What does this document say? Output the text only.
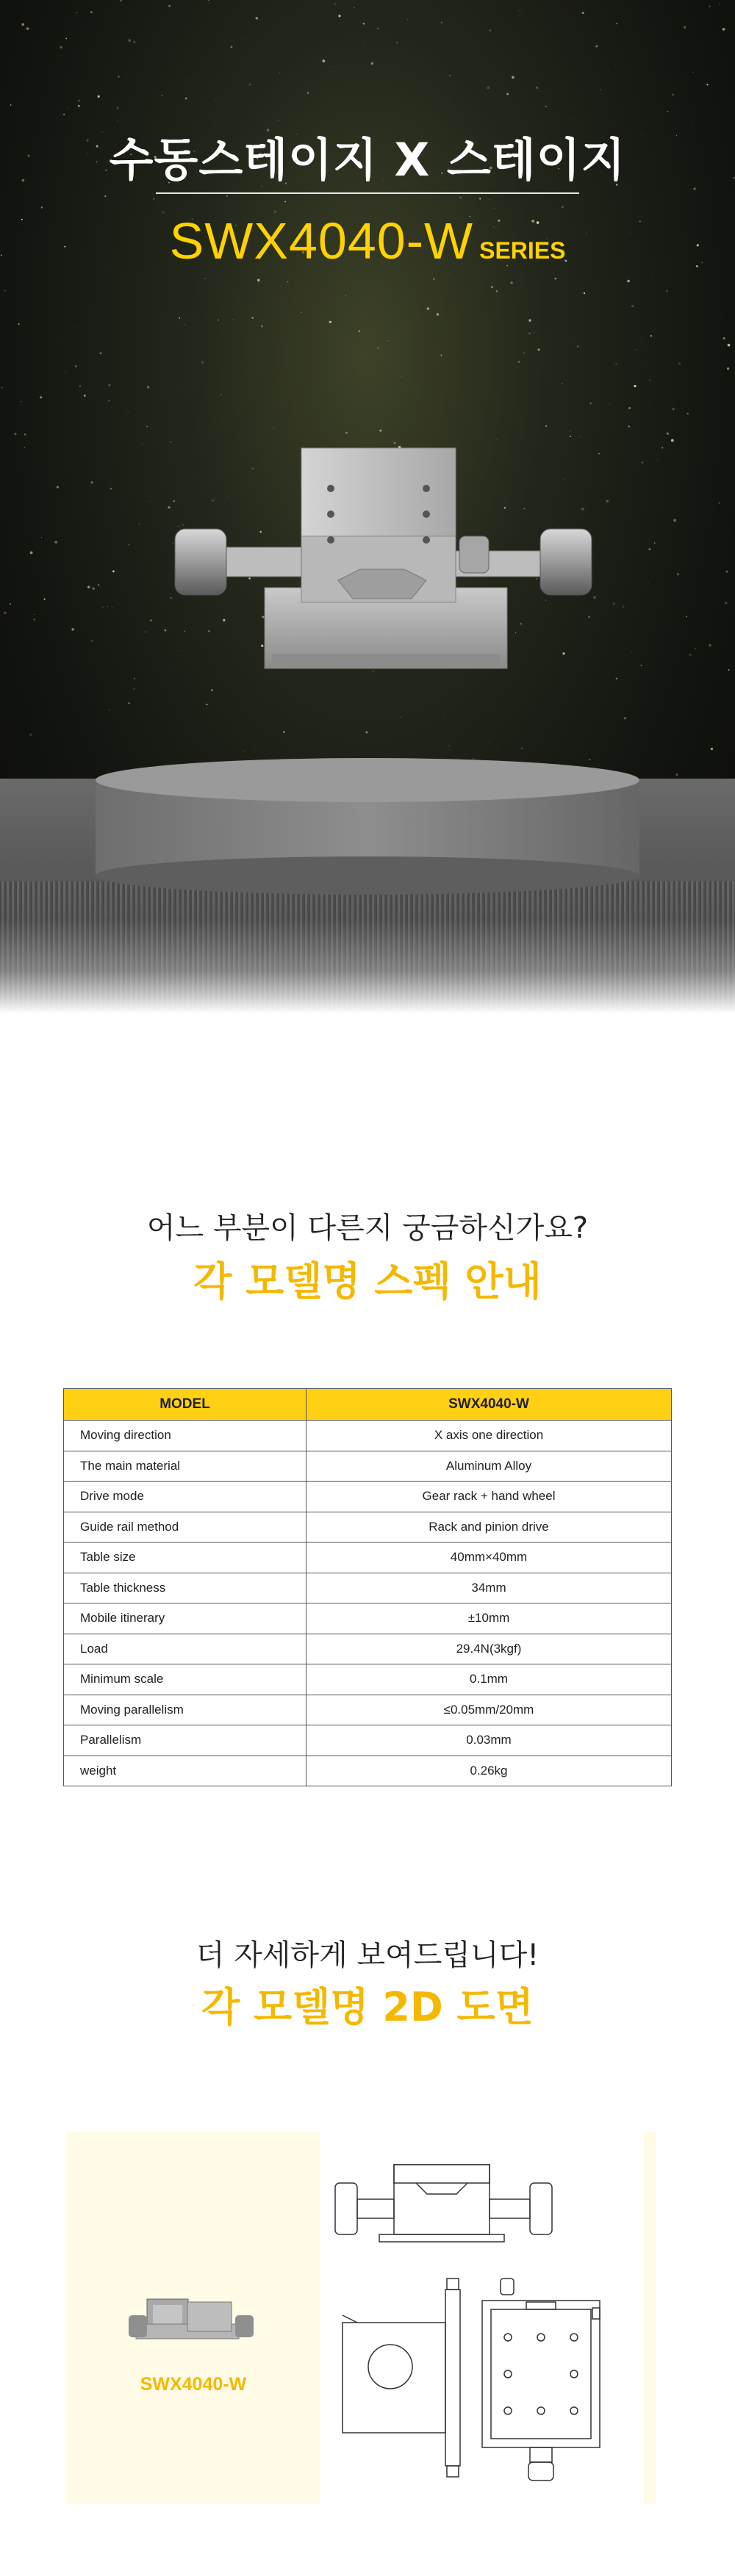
수동스테이지 X 스테이지
SWX4040-W SERIES
어느 부분이 다른지 궁금하신가요?
각 모델명 스펙 안내
MODEL	SWX4040-W
Moving direction	X axis one direction
The main material	Aluminum Alloy
Drive mode	Gear rack + hand wheel
Guide rail method	Rack and pinion drive
Table size	40mm×40mm
Table thickness	34mm
Mobile itinerary	±10mm
Load	29.4N(3kgf)
Minimum scale	0.1mm
Moving parallelism	≤0.05mm/20mm
Parallelism	0.03mm
weight	0.26kg
더 자세하게 보여드립니다!
각 모델명 2D 도면
SWX4040-W
